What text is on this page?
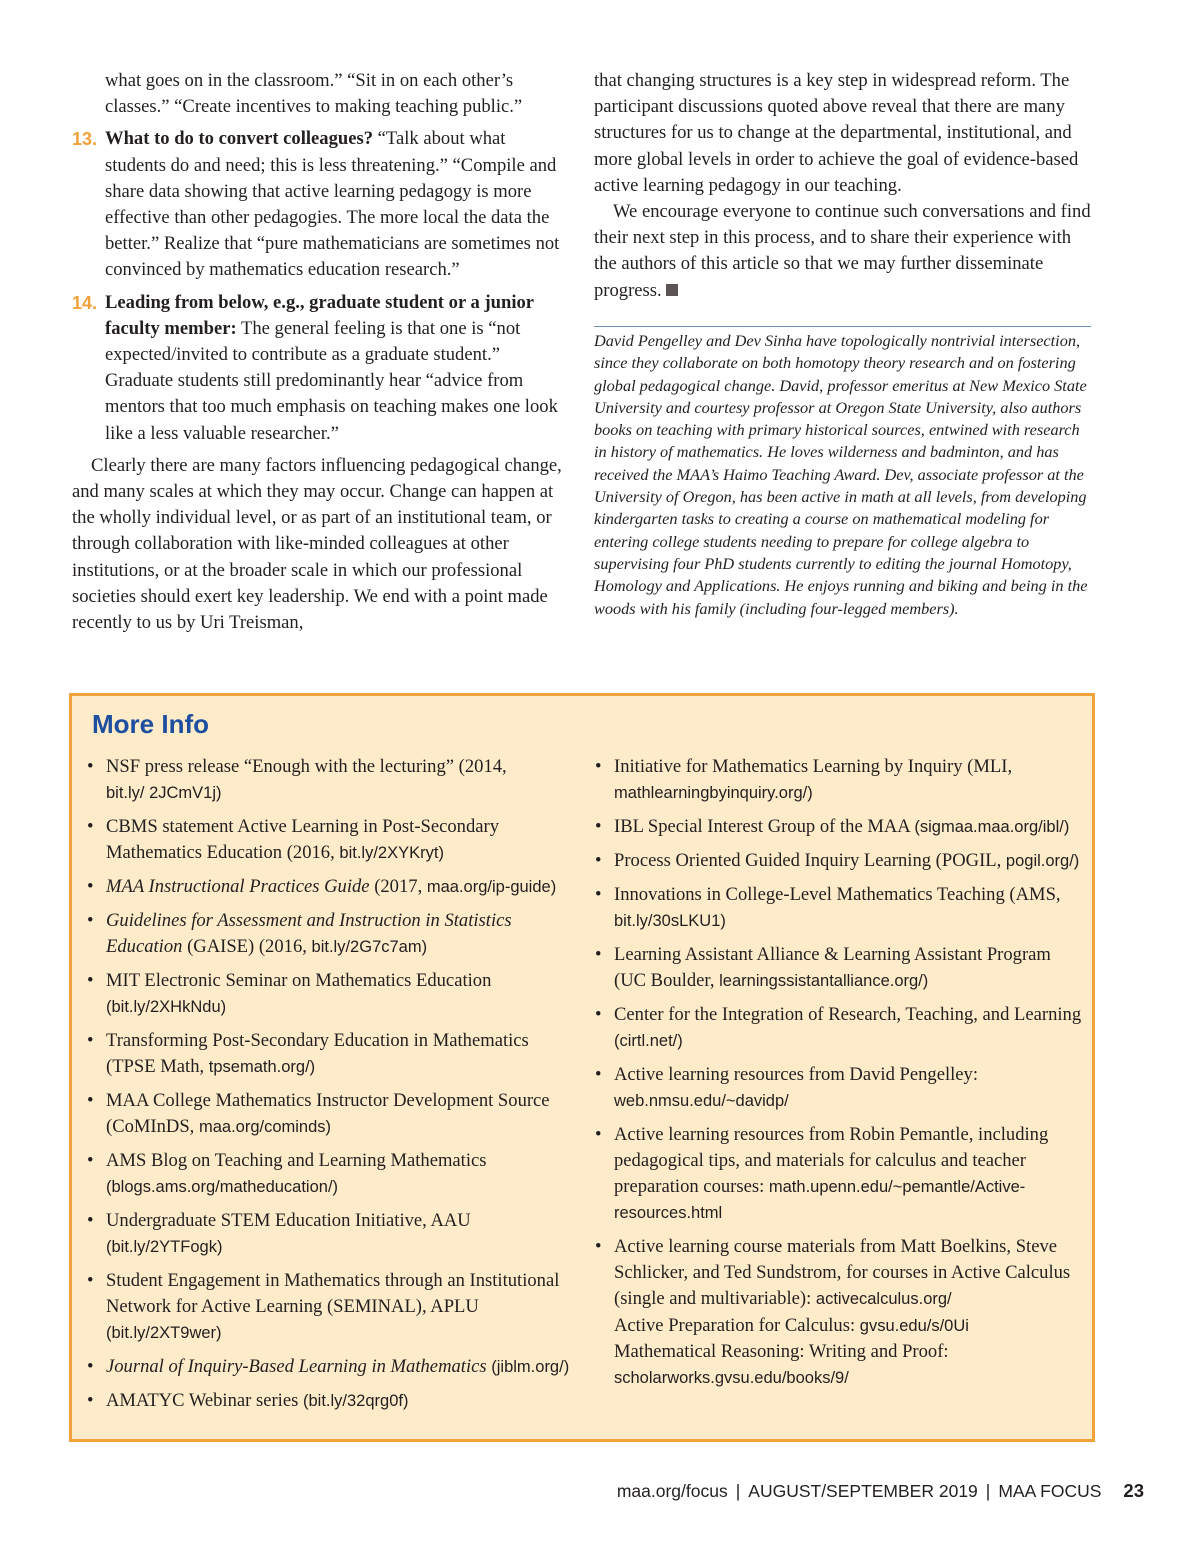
what goes on in the classroom.” “Sit in on each other’s
classes.” “Create incentives to making teaching public.”
13. What to do to convert colleagues? “Talk about what students do and need; this is less threatening.” “Compile and share data showing that active learning pedagogy is more effective than other pedagogies. The more local the data the better.” Realize that “pure mathematicians are sometimes not convinced by mathematics education research.”
14. Leading from below, e.g., graduate student or a junior faculty member: The general feeling is that one is “not expected/invited to contribute as a graduate student.” Graduate students still predominantly hear “advice from mentors that too much emphasis on teaching makes one look like a less valuable researcher.”
Clearly there are many factors influencing pedagogical change, and many scales at which they may occur. Change can happen at the wholly individual level, or as part of an institutional team, or through collaboration with like-minded colleagues at other institutions, or at the broader scale in which our professional societies should exert key leadership. We end with a point made recently to us by Uri Treisman,
that changing structures is a key step in widespread reform. The participant discussions quoted above reveal that there are many structures for us to change at the departmental, institutional, and more global levels in order to achieve the goal of evidence-based active learning pedagogy in our teaching.
We encourage everyone to continue such conversations and find their next step in this process, and to share their experience with the authors of this article so that we may further disseminate progress.
David Pengelley and Dev Sinha have topologically nontrivial intersection, since they collaborate on both homotopy theory research and on fostering global pedagogical change. David, professor emeritus at New Mexico State University and courtesy professor at Oregon State University, also authors books on teaching with primary historical sources, entwined with research in history of mathematics. He loves wilderness and badminton, and has received the MAA’s Haimo Teaching Award. Dev, associate professor at the University of Oregon, has been active in math at all levels, from developing kindergarten tasks to creating a course on mathematical modeling for entering college students needing to prepare for college algebra to supervising four PhD students currently to editing the journal Homotopy, Homology and Applications. He enjoys running and biking and being in the woods with his family (including four-legged members).
More Info
• NSF press release “Enough with the lecturing” (2014,
bit.ly/ 2JCmV1j)
• CBMS statement Active Learning in Post-Secondary Mathematics Education (2016, bit.ly/2XYKryt)
• MAA Instructional Practices Guide (2017, maa.org/ip-guide)
• Guidelines for Assessment and Instruction in Statistics Education (GAISE) (2016, bit.ly/2G7c7am)
• MIT Electronic Seminar on Mathematics Education
(bit.ly/2XHkNdu)
• Transforming Post-Secondary Education in Mathematics (TPSE Math, tpsemath.org/)
• MAA College Mathematics Instructor Development Source (CoMInDS, maa.org/cominds)
• AMS Blog on Teaching and Learning Mathematics (blogs.ams.org/matheducation/)
• Undergraduate STEM Education Initiative, AAU (bit.ly/2YTFogk)
• Student Engagement in Mathematics through an Institutional Network for Active Learning (SEMINAL), APLU (bit.ly/2XT9wer)
• Journal of Inquiry-Based Learning in Mathematics (jiblm.org/)
• AMATYC Webinar series (bit.ly/32qrg0f)
• Initiative for Mathematics Learning by Inquiry (MLI,
mathlearningbyinquiry.org/)
• IBL Special Interest Group of the MAA (sigmaa.maa.org/ibl/)
• Process Oriented Guided Inquiry Learning (POGIL, pogil.org/)
• Innovations in College-Level Mathematics Teaching (AMS, bit.ly/30sLKU1)
• Learning Assistant Alliance & Learning Assistant Program (UC Boulder, learningssistantalliance.org/)
• Center for the Integration of Research, Teaching, and Learning (cirtl.net/)
• Active learning resources from David Pengelley: web.nmsu.edu/~davidp/
• Active learning resources from Robin Pemantle, including pedagogical tips, and materials for calculus and teacher preparation courses: math.upenn.edu/~pemantle/Active-resources.html
• Active learning course materials from Matt Boelkins, Steve Schlicker, and Ted Sundstrom, for courses in Active Calculus (single and multivariable): activecalculus.org/
Active Preparation for Calculus: gvsu.edu/s/0Ui
Mathematical Reasoning: Writing and Proof: scholarworks.gvsu.edu/books/9/
maa.org/focus | AUGUST/SEPTEMBER 2019 | MAA FOCUS 23
